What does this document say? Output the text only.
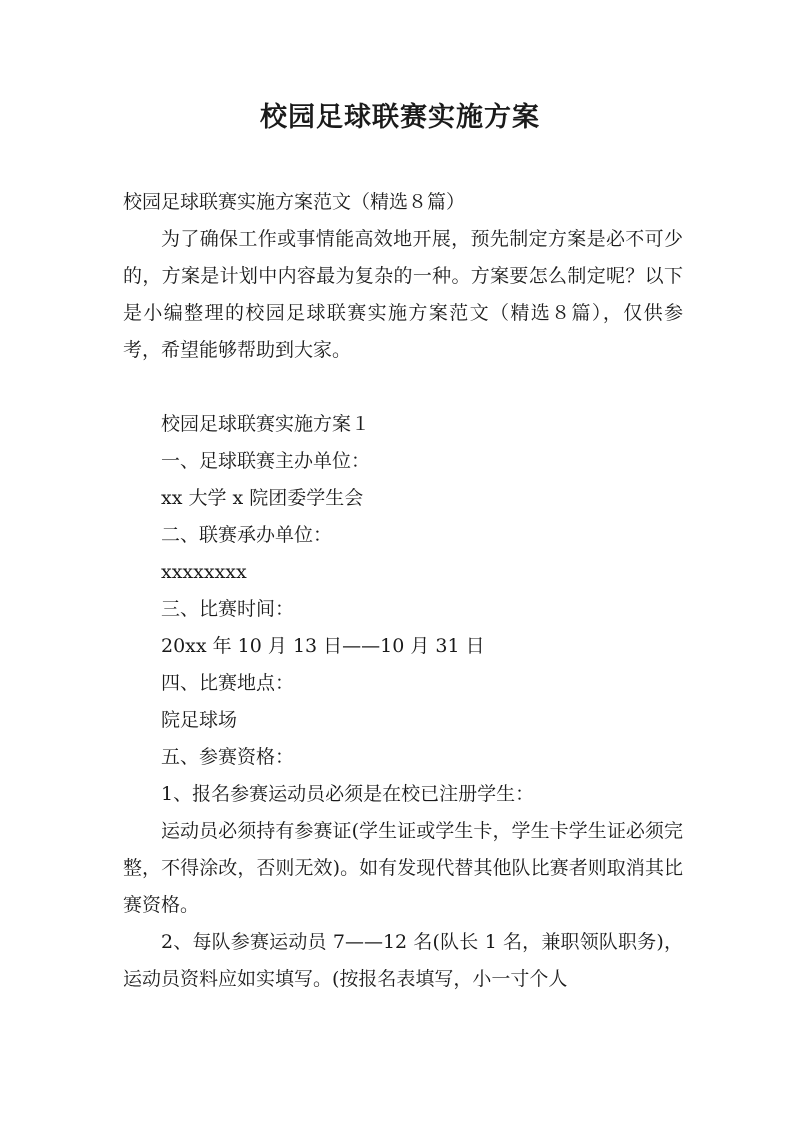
校园足球联赛实施方案

校园足球联赛实施方案范文（精选８篇）

为了确保工作或事情能高效地开展，预先制定方案是必不可少的，方案是计划中内容最为复杂的一种。方案要怎么制定呢？以下是小编整理的校园足球联赛实施方案范文（精选８篇），仅供参考，希望能够帮助到大家。

校园足球联赛实施方案１

一、足球联赛主办单位：

xx 大学 x 院团委学生会

二、联赛承办单位：

xxxxxxxx

三、比赛时间：

20xx 年 10 月 13 日——10 月 31 日

四、比赛地点：

院足球场

五、参赛资格：

1、报名参赛运动员必须是在校已注册学生：

运动员必须持有参赛证(学生证或学生卡，学生卡学生证必须完整，不得涂改，否则无效)。如有发现代替其他队比赛者则取消其比赛资格。

2、每队参赛运动员 7——12 名(队长 1 名，兼职领队职务)，运动员资料应如实填写。(按报名表填写，小一寸个人
